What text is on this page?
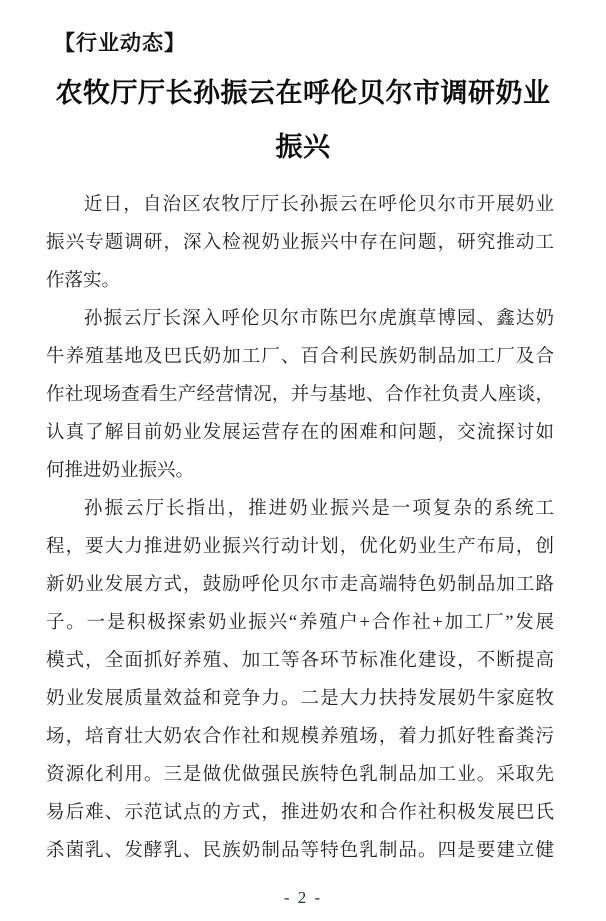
【行业动态】
农牧厅厅长孙振云在呼伦贝尔市调研奶业
振兴
近日，自治区农牧厅厅长孙振云在呼伦贝尔市开展奶业
振兴专题调研，深入检视奶业振兴中存在问题，研究推动工
作落实。
孙振云厅长深入呼伦贝尔市陈巴尔虎旗草博园、鑫达奶
牛养殖基地及巴氏奶加工厂、百合利民族奶制品加工厂及合
作社现场查看生产经营情况，并与基地、合作社负责人座谈，
认真了解目前奶业发展运营存在的困难和问题，交流探讨如
何推进奶业振兴。
孙振云厅长指出，推进奶业振兴是一项复杂的系统工
程，要大力推进奶业振兴行动计划，优化奶业生产布局，创
新奶业发展方式，鼓励呼伦贝尔市走高端特色奶制品加工路
子。一是积极探索奶业振兴“养殖户+合作社+加工厂”发展
模式，全面抓好养殖、加工等各环节标准化建设，不断提高
奶业发展质量效益和竞争力。二是大力扶持发展奶牛家庭牧
场，培育壮大奶农合作社和规模养殖场，着力抓好牲畜粪污
资源化利用。三是做优做强民族特色乳制品加工业。采取先
易后难、示范试点的方式，推进奶农和合作社积极发展巴氏
杀菌乳、发酵乳、民族奶制品等特色乳制品。四是要建立健
- 2 -
